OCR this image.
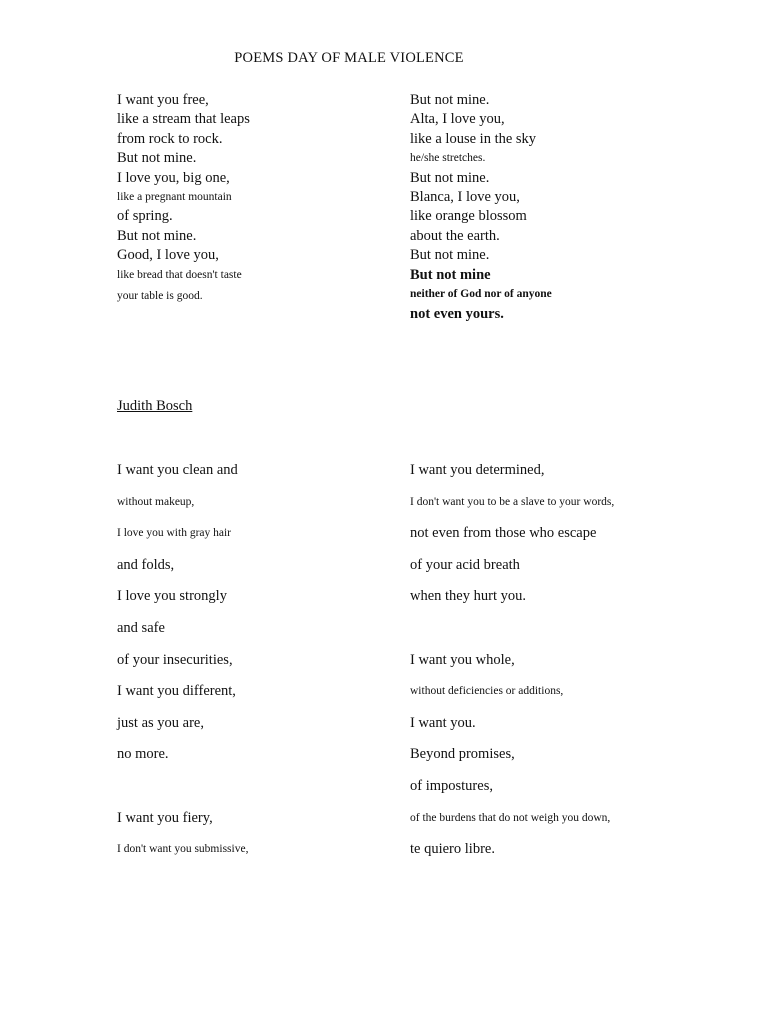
POEMS DAY OF MALE VIOLENCE
I want you free,
like a stream that leaps
from rock to rock.
But not mine.
I love you, big one,
like a pregnant mountain
of spring.
But not mine.
Good, I love you,
like bread that doesn't taste
your table is good.
But not mine.
Alta, I love you,
like a louse in the sky
he/she stretches.
But not mine.
Blanca, I love you,
like orange blossom
about the earth.
But not mine.
But not mine
neither of God nor of anyone
not even yours.
Judith Bosch
I want you clean and
without makeup,
I love you with gray hair
and folds,
I love you strongly
and safe
of your insecurities,
I want you different,
just as you are,
no more.
I want you fiery,
I don't want you submissive,
I want you determined,
I don't want you to be a slave to your words,
not even from those who escape
of your acid breath
when they hurt you.
I want you whole,
without deficiencies or additions,
I want you.
Beyond promises,
of impostures,
of the burdens that do not weigh you down,
te quiero libre.
